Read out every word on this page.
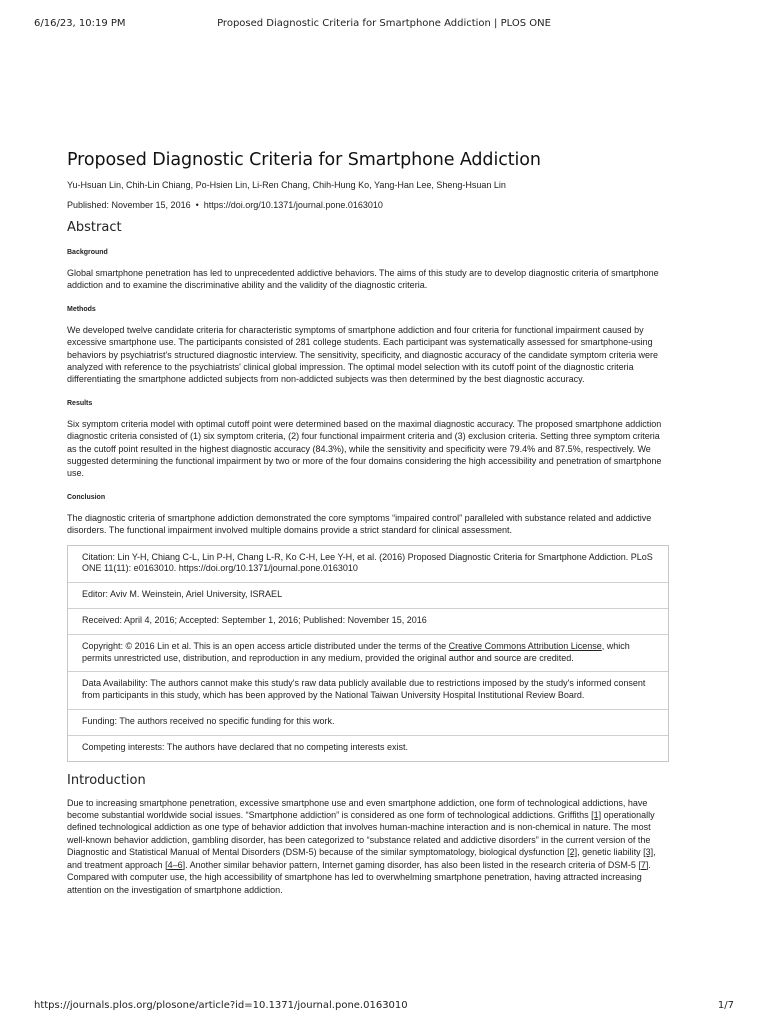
6/16/23, 10:19 PM	Proposed Diagnostic Criteria for Smartphone Addiction | PLOS ONE
Proposed Diagnostic Criteria for Smartphone Addiction
Yu-Hsuan Lin, Chih-Lin Chiang, Po-Hsien Lin, Li-Ren Chang, Chih-Hung Ko, Yang-Han Lee, Sheng-Hsuan Lin
Published: November 15, 2016 • https://doi.org/10.1371/journal.pone.0163010
Abstract
Background
Global smartphone penetration has led to unprecedented addictive behaviors. The aims of this study are to develop diagnostic criteria of smartphone addiction and to examine the discriminative ability and the validity of the diagnostic criteria.
Methods
We developed twelve candidate criteria for characteristic symptoms of smartphone addiction and four criteria for functional impairment caused by excessive smartphone use. The participants consisted of 281 college students. Each participant was systematically assessed for smartphone-using behaviors by psychiatrist's structured diagnostic interview. The sensitivity, specificity, and diagnostic accuracy of the candidate symptom criteria were analyzed with reference to the psychiatrists' clinical global impression. The optimal model selection with its cutoff point of the diagnostic criteria differentiating the smartphone addicted subjects from non-addicted subjects was then determined by the best diagnostic accuracy.
Results
Six symptom criteria model with optimal cutoff point were determined based on the maximal diagnostic accuracy. The proposed smartphone addiction diagnostic criteria consisted of (1) six symptom criteria, (2) four functional impairment criteria and (3) exclusion criteria. Setting three symptom criteria as the cutoff point resulted in the highest diagnostic accuracy (84.3%), while the sensitivity and specificity were 79.4% and 87.5%, respectively. We suggested determining the functional impairment by two or more of the four domains considering the high accessibility and penetration of smartphone use.
Conclusion
The diagnostic criteria of smartphone addiction demonstrated the core symptoms “impaired control” paralleled with substance related and addictive disorders. The functional impairment involved multiple domains provide a strict standard for clinical assessment.
Citation: Lin Y-H, Chiang C-L, Lin P-H, Chang L-R, Ko C-H, Lee Y-H, et al. (2016) Proposed Diagnostic Criteria for Smartphone Addiction. PLoS ONE 11(11): e0163010. https://doi.org/10.1371/journal.pone.0163010
Editor: Aviv M. Weinstein, Ariel University, ISRAEL
Received: April 4, 2016; Accepted: September 1, 2016; Published: November 15, 2016
Copyright: © 2016 Lin et al. This is an open access article distributed under the terms of the Creative Commons Attribution License, which permits unrestricted use, distribution, and reproduction in any medium, provided the original author and source are credited.
Data Availability: The authors cannot make this study's raw data publicly available due to restrictions imposed by the study's informed consent from participants in this study, which has been approved by the National Taiwan University Hospital Institutional Review Board.
Funding: The authors received no specific funding for this work.
Competing interests: The authors have declared that no competing interests exist.
Introduction
Due to increasing smartphone penetration, excessive smartphone use and even smartphone addiction, one form of technological addictions, have become substantial worldwide social issues. “Smartphone addiction” is considered as one form of technological addictions. Griffiths [1] operationally defined technological addiction as one type of behavior addiction that involves human-machine interaction and is non-chemical in nature. The most well-known behavior addiction, gambling disorder, has been categorized to “substance related and addictive disorders” in the current version of the Diagnostic and Statistical Manual of Mental Disorders (DSM-5) because of the similar symptomatology, biological dysfunction [2], genetic liability [3], and treatment approach [4–6]. Another similar behavior pattern, Internet gaming disorder, has also been listed in the research criteria of DSM-5 [7]. Compared with computer use, the high accessibility of smartphone has led to overwhelming smartphone penetration, having attracted increasing attention on the investigation of smartphone addiction.
https://journals.plos.org/plosone/article?id=10.1371/journal.pone.0163010	1/7
